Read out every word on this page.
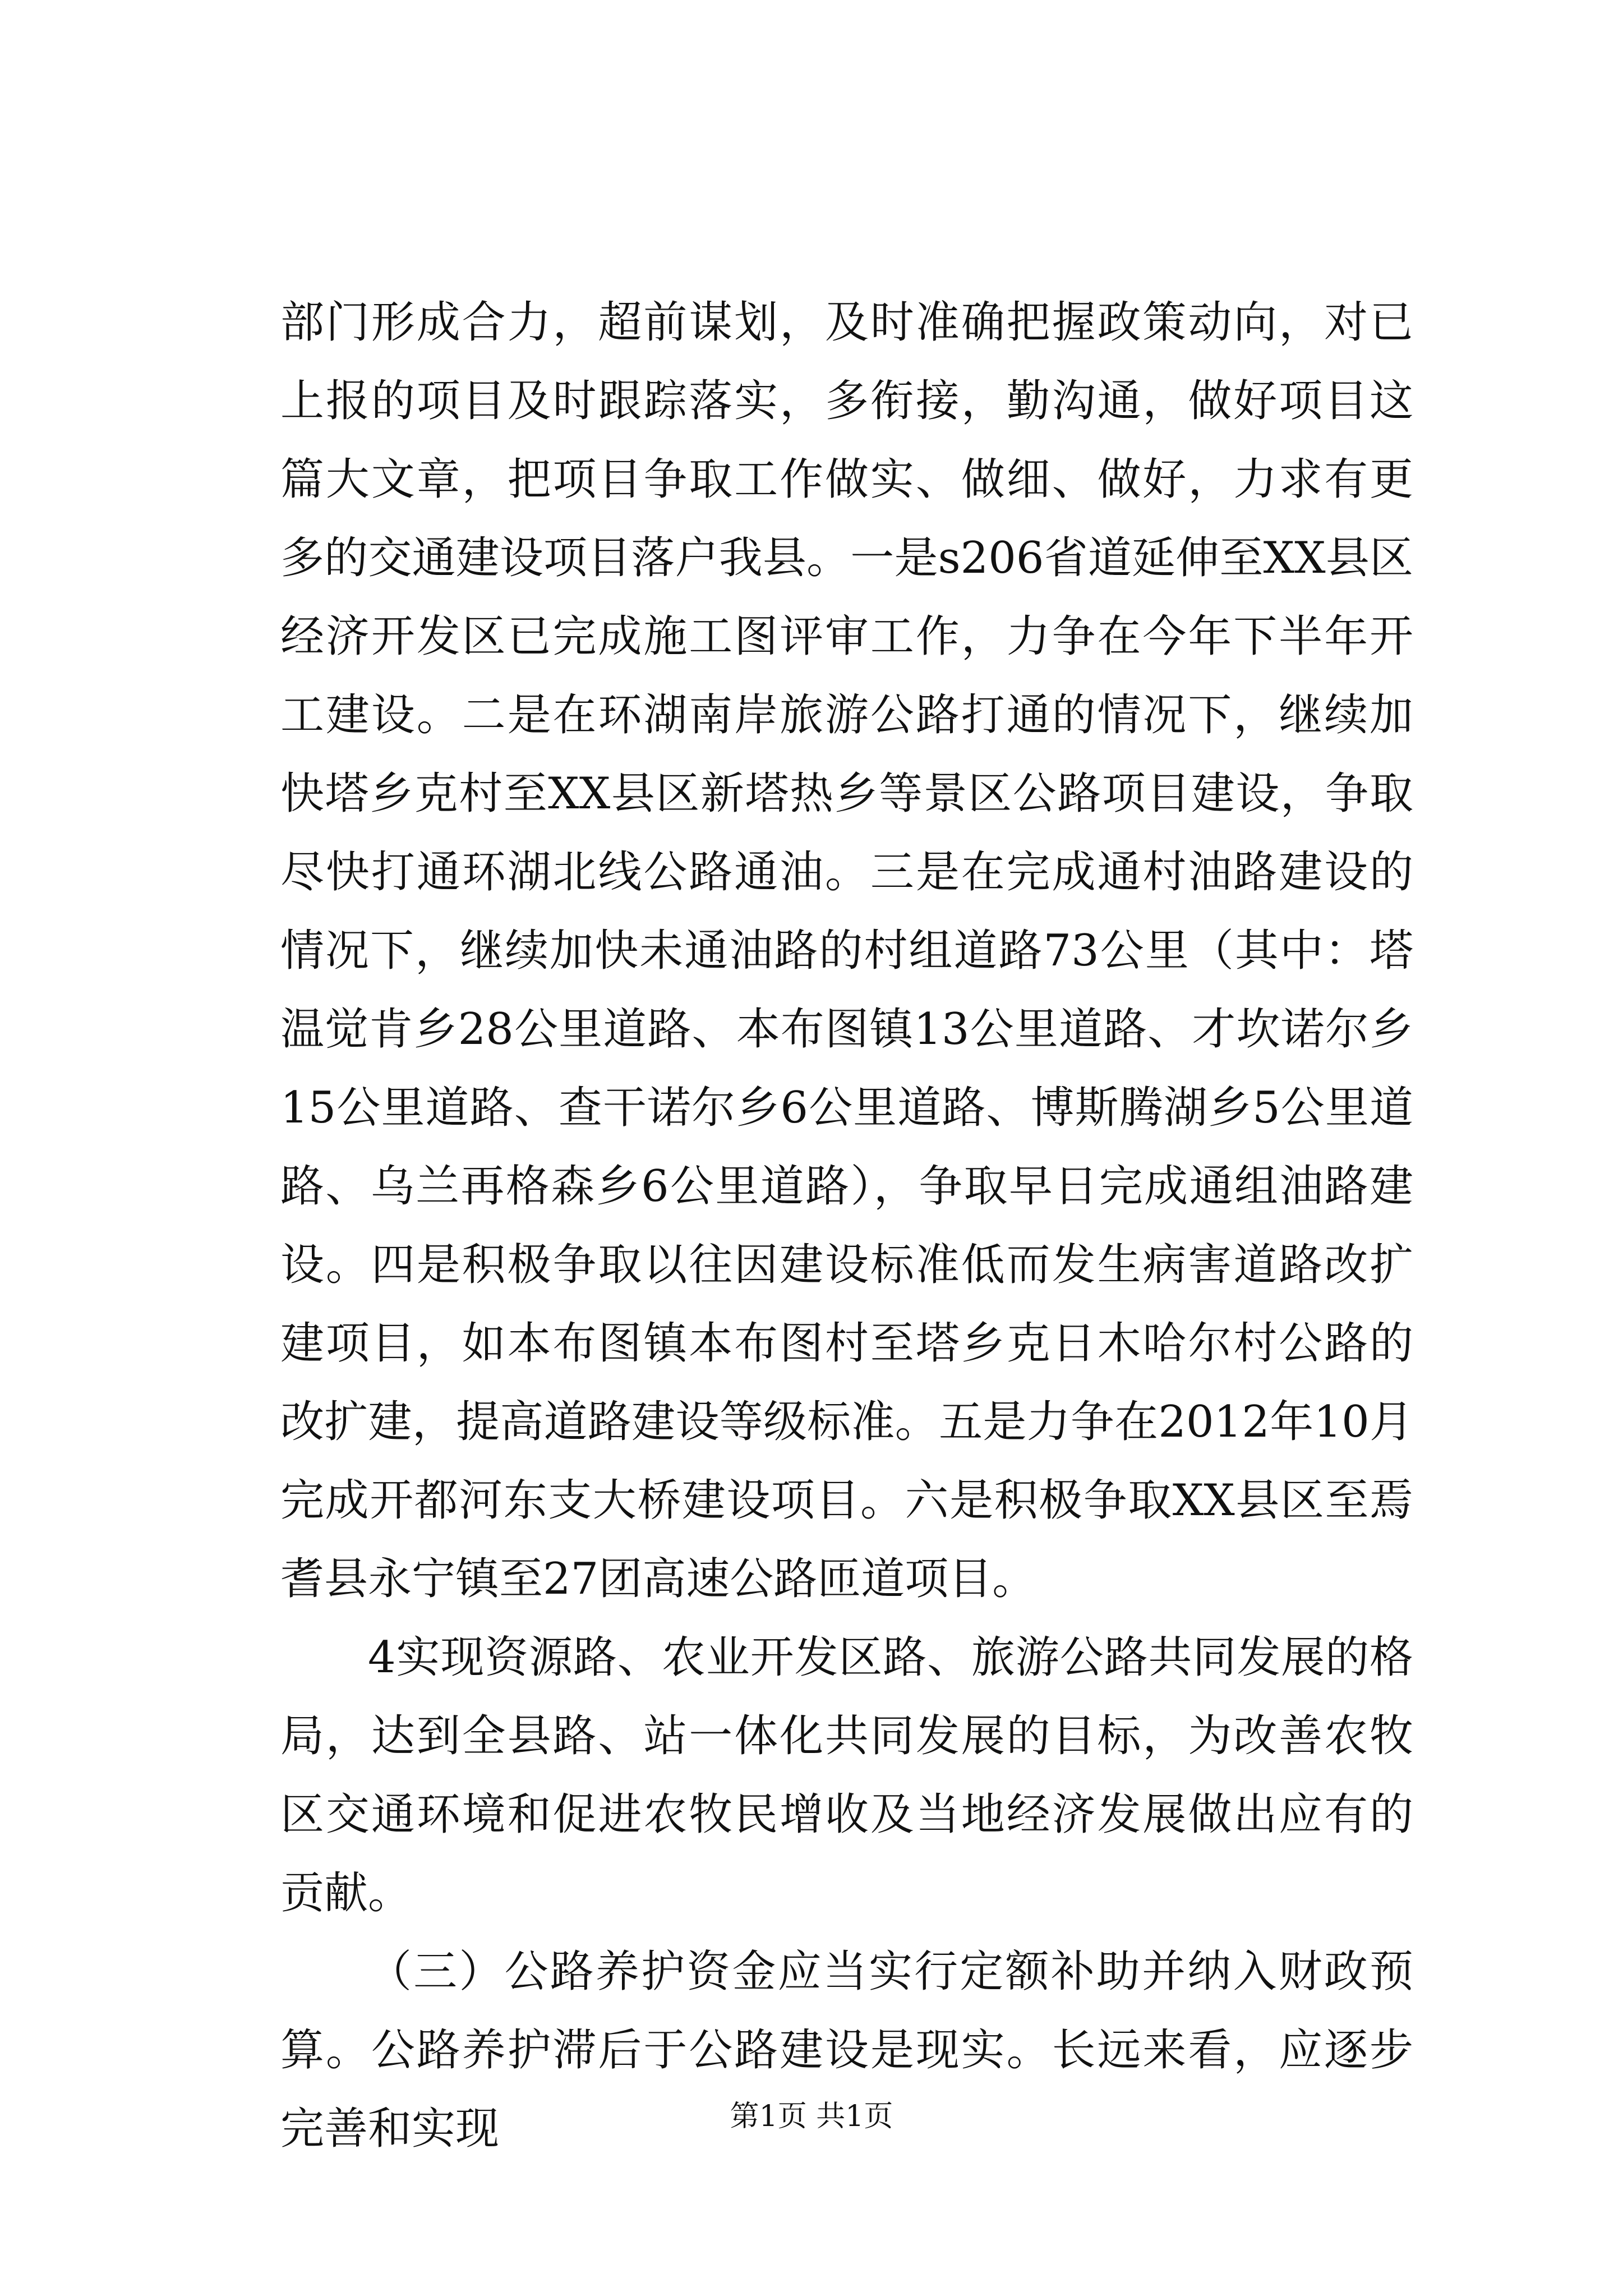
部门形成合力，超前谋划，及时准确把握政策动向，对已上报的项目及时跟踪落实，多衔接，勤沟通，做好项目这篇大文章，把项目争取工作做实、做细、做好，力求有更多的交通建设项目落户我县。一是s206省道延伸至XX县区经济开发区已完成施工图评审工作，力争在今年下半年开工建设。二是在环湖南岸旅游公路打通的情况下，继续加快塔乡克村至XX县区新塔热乡等景区公路项目建设，争取尽快打通环湖北线公路通油。三是在完成通村油路建设的情况下，继续加快未通油路的村组道路73公里（其中：塔温觉肯乡28公里道路、本布图镇13公里道路、才坎诺尔乡15公里道路、查干诺尔乡6公里道路、博斯腾湖乡5公里道路、乌兰再格森乡6公里道路），争取早日完成通组油路建设。四是积极争取以往因建设标准低而发生病害道路改扩建项目，如本布图镇本布图村至塔乡克日木哈尔村公路的改扩建，提高道路建设等级标准。五是力争在2012年10月完成开都河东支大桥建设项目。六是积极争取XX县区至焉耆县永宁镇至27团高速公路匝道项目。

4实现资源路、农业开发区路、旅游公路共同发展的格局，达到全县路、站一体化共同发展的目标，为改善农牧区交通环境和促进农牧民增收及当地经济发展做出应有的贡献。

（三）公路养护资金应当实行定额补助并纳入财政预算。公路养护滞后于公路建设是现实。长远来看，应逐步完善和实现	第1页 共1页
